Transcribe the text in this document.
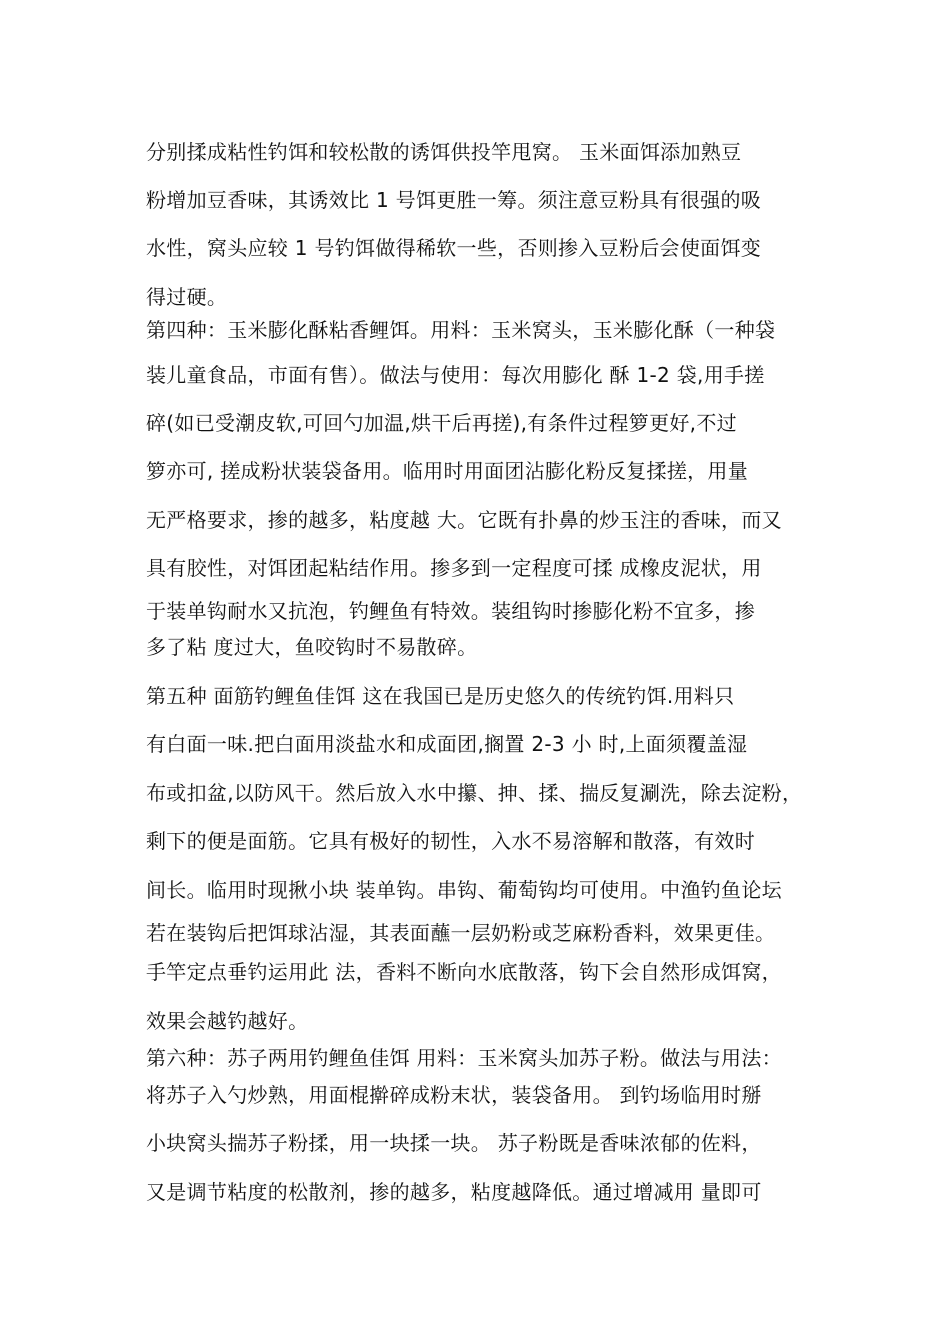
分别揉成粘性钓饵和较松散的诱饵供投竿甩窝。 玉米面饵添加熟豆
粉增加豆香味，其诱效比 1 号饵更胜一筹。须注意豆粉具有很强的吸
水性，窝头应较 1 号钓饵做得稀软一些，否则掺入豆粉后会使面饵变
得过硬。
第四种：玉米膨化酥粘香鲤饵。用料：玉米窝头，玉米膨化酥（一种袋
装儿童食品，市面有售）。做法与使用：每次用膨化 酥 1-2 袋,用手搓
碎(如已受潮皮软,可回勺加温,烘干后再搓),有条件过程箩更好,不过
箩亦可, 搓成粉状装袋备用。临用时用面团沾膨化粉反复揉搓，用量
无严格要求，掺的越多，粘度越 大。它既有扑鼻的炒玉注的香味，而又
具有胶性，对饵团起粘结作用。掺多到一定程度可揉 成橡皮泥状，用
于装单钩耐水又抗泡，钓鲤鱼有特效。装组钩时掺膨化粉不宜多，掺
多了粘 度过大，鱼咬钩时不易散碎。
第五种 面筋钓鲤鱼佳饵 这在我国已是历史悠久的传统钓饵.用料只
有白面一味.把白面用淡盐水和成面团,搁置 2-3 小 时,上面须覆盖湿
布或扣盆,以防风干。然后放入水中攥、抻、揉、揣反复涮洗，除去淀粉，
剩下的便是面筋。它具有极好的韧性，入水不易溶解和散落，有效时
间长。临用时现揪小块 装单钩。串钩、葡萄钩均可使用。中渔钓鱼论坛
若在装钩后把饵球沾湿，其表面蘸一层奶粉或芝麻粉香料，效果更佳。
手竿定点垂钓运用此 法，香料不断向水底散落，钩下会自然形成饵窝，
效果会越钓越好。
第六种：苏子两用钓鲤鱼佳饵 用料：玉米窝头加苏子粉。做法与用法：
将苏子入勺炒熟，用面棍擀碎成粉末状，装袋备用。 到钓场临用时掰
小块窝头揣苏子粉揉，用一块揉一块。 苏子粉既是香味浓郁的佐料，
又是调节粘度的松散剂，掺的越多，粘度越降低。通过增减用 量即可
